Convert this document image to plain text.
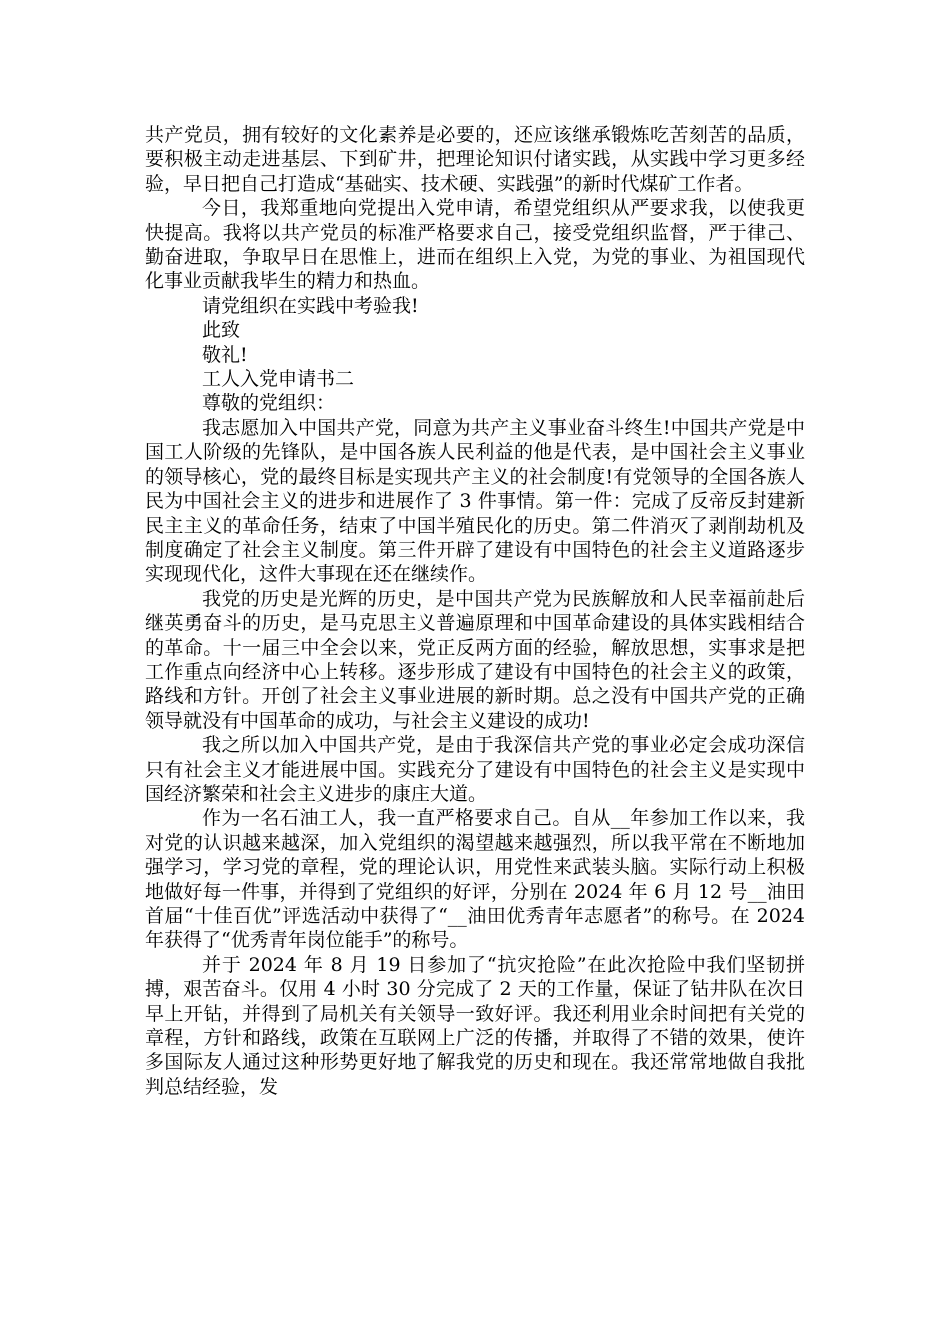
共产党员，拥有较好的文化素养是必要的，还应该继承锻炼吃苦刻苦的品质，要积极主动走进基层、下到矿井，把理论知识付诸实践，从实践中学习更多经验，早日把自己打造成“基础实、技术硬、实践强”的新时代煤矿工作者。

今日，我郑重地向党提出入党申请，希望党组织从严要求我，以使我更快提高。我将以共产党员的标准严格要求自己，接受党组织监督，严于律己、勤奋进取，争取早日在思惟上，进而在组织上入党，为党的事业、为祖国现代化事业贡献我毕生的精力和热血。

请党组织在实践中考验我!

此致

敬礼!

工人入党申请书二

尊敬的党组织：

我志愿加入中国共产党，同意为共产主义事业奋斗终生!中国共产党是中国工人阶级的先锋队，是中国各族人民利益的他是代表，是中国社会主义事业的领导核心，党的最终目标是实现共产主义的社会制度!有党领导的全国各族人民为中国社会主义的进步和进展作了 3 件事情。第一件：完成了反帝反封建新民主主义的革命任务，结束了中国半殖民化的历史。第二件消灭了剥削劫机及制度确定了社会主义制度。第三件开辟了建设有中国特色的社会主义道路逐步实现现代化，这件大事现在还在继续作。

我党的历史是光辉的历史，是中国共产党为民族解放和人民幸福前赴后继英勇奋斗的历史，是马克思主义普遍原理和中国革命建设的具体实践相结合的革命。十一届三中全会以来，党正反两方面的经验，解放思想，实事求是把工作重点向经济中心上转移。逐步形成了建设有中国特色的社会主义的政策，路线和方针。开创了社会主义事业进展的新时期。总之没有中国共产党的正确领导就没有中国革命的成功，与社会主义建设的成功!

我之所以加入中国共产党，是由于我深信共产党的事业必定会成功深信只有社会主义才能进展中国。实践充分了建设有中国特色的社会主义是实现中国经济繁荣和社会主义进步的康庄大道。

作为一名石油工人，我一直严格要求自己。自从__年参加工作以来，我对党的认识越来越深，加入党组织的渴望越来越强烈，所以我平常在不断地加强学习，学习党的章程，党的理论认识，用党性来武装头脑。实际行动上积极地做好每一件事，并得到了党组织的好评，分别在 2024 年 6 月 12 号__油田首届“十佳百优”评选活动中获得了“__油田优秀青年志愿者”的称号。在 2024 年获得了“优秀青年岗位能手”的称号。

并于 2024 年 8 月 19 日参加了“抗灾抢险”在此次抢险中我们坚韧拼搏，艰苦奋斗。仅用 4 小时 30 分完成了 2 天的工作量，保证了钻井队在次日早上开钻，并得到了局机关有关领导一致好评。我还利用业余时间把有关党的章程，方针和路线，政策在互联网上广泛的传播，并取得了不错的效果，使许多国际友人通过这种形势更好地了解我党的历史和现在。我还常常地做自我批判总结经验，发
